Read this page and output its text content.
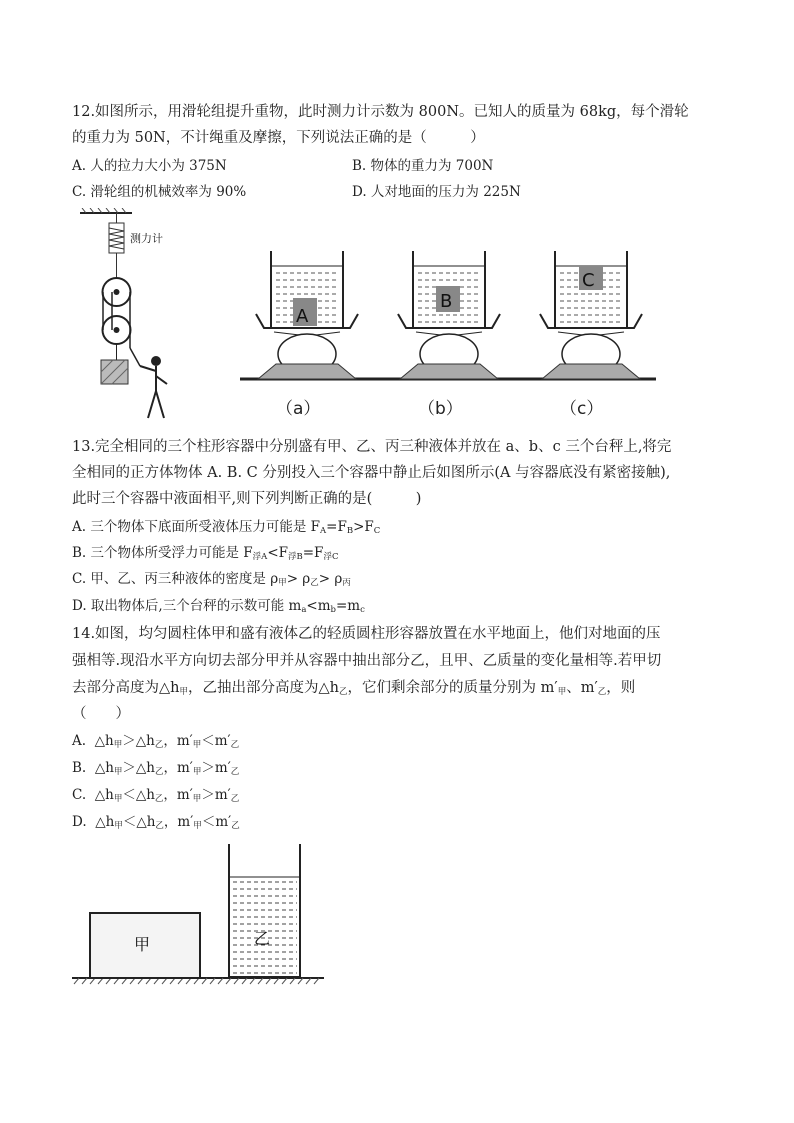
12.如图所示，用滑轮组提升重物，此时测力计示数为 800N。已知人的质量为 68kg，每个滑轮
的重力为 50N，不计绳重及摩擦，下列说法正确的是（　　　）
A. 人的拉力大小为 375N	B. 物体的重力为 700N
C. 滑轮组的机械效率为 90%	D. 人对地面的压力为 225N
测力计
A
B
C
（a）	（b）	（c）
13.完全相同的三个柱形容器中分别盛有甲、乙、丙三种液体并放在 a、b、c 三个台秤上,将完
全相同的正方体物体 A. B. C 分别投入三个容器中静止后如图所示(A 与容器底没有紧密接触),
此时三个容器中液面相平,则下列判断正确的是(　　　)
A. 三个物体下底面所受液体压力可能是 $F_A=F_B>F_C$
B. 三个物体所受浮力可能是 $F_{浮A}<F_{浮B}=F_{浮C}$
C. 甲、乙、丙三种液体的密度是 $\rho_甲> \rho_乙> \rho_丙$
D. 取出物体后,三个台秤的示数可能 $m_a<m_b=m_c$
14.如图，均匀圆柱体甲和盛有液体乙的轻质圆柱形容器放置在水平地面上，他们对地面的压
强相等.现沿水平方向切去部分甲并从容器中抽出部分乙，且甲、乙质量的变化量相等.若甲切
去部分高度为$\triangle h_甲$，乙抽出部分高度为$\triangle h_乙$，它们剩余部分的质量分别为 $m'_甲$、$m'_乙$，则
（　　）
A. $\triangle h_甲>\triangle h_乙$，$m'_甲<m'_乙$
B. $\triangle h_甲>\triangle h_乙$，$m'_甲>m'_乙$
C. $\triangle h_甲<\triangle h_乙$，$m'_甲>m'_乙$
D. $\triangle h_甲<\triangle h_乙$，$m'_甲<m'_乙$
甲	乙
